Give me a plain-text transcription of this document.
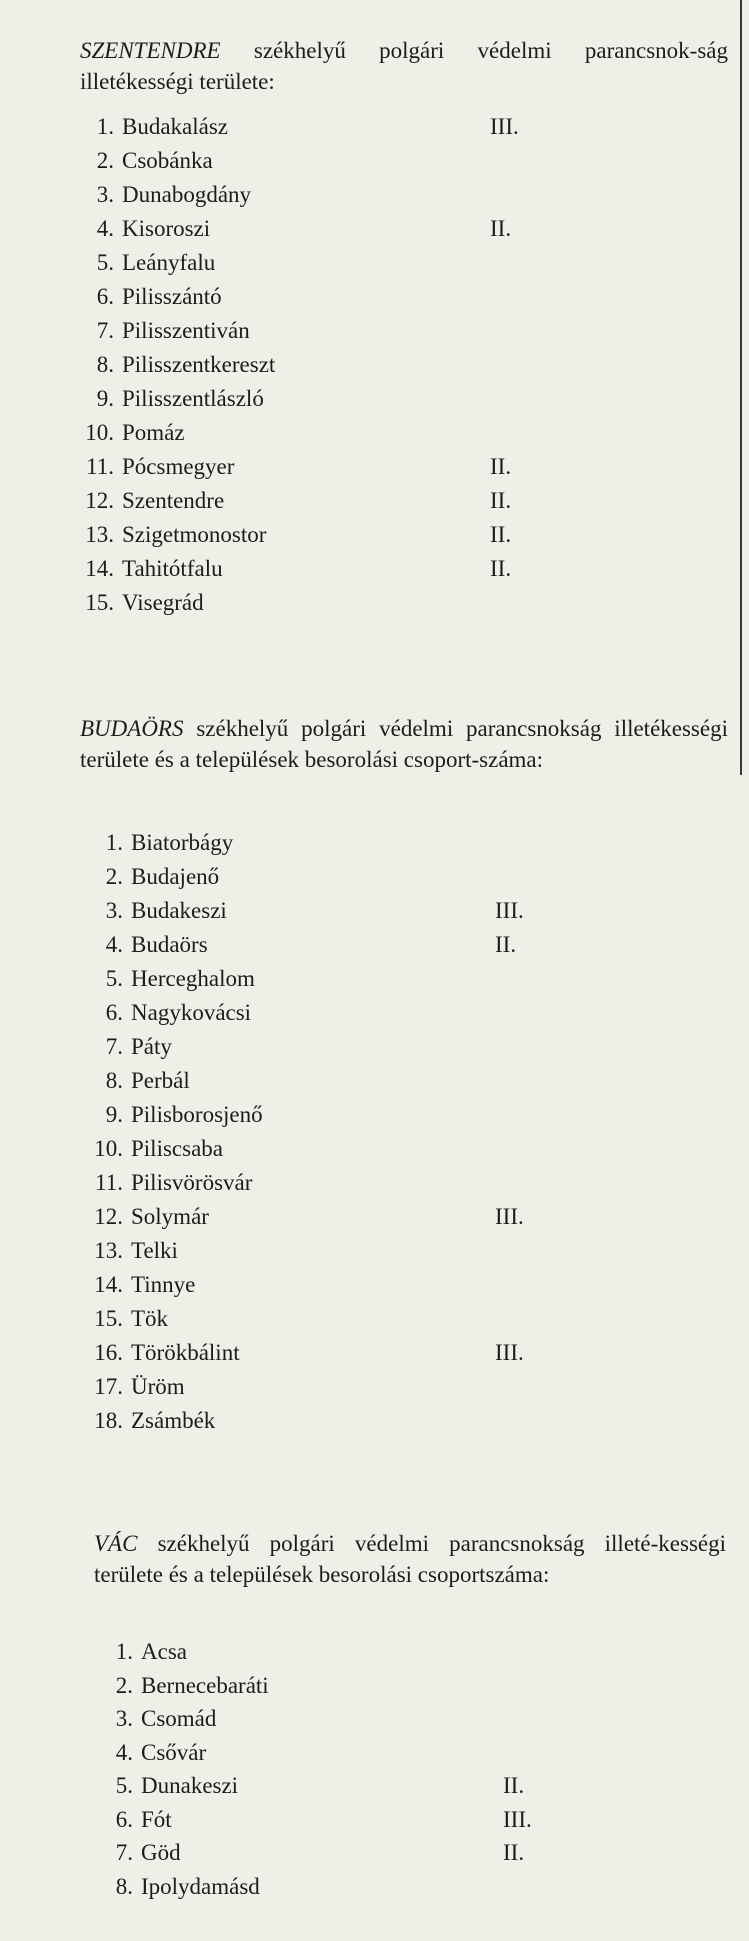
SZENTENDRE székhelyű polgári védelmi parancsnok-ság illetékességi területe:

1. Budakalász	III.
2. Csobánka
3. Dunabogdány
4. Kisoroszi	II.
5. Leányfalu
6. Pilisszántó
7. Pilisszentiván
8. Pilisszentkereszt
9. Pilisszentlászló
10. Pomáz
11. Pócsmegyer	II.
12. Szentendre	II.
13. Szigetmonostor	II.
14. Tahitótfalu	II.
15. Visegrád

BUDAÖRS székhelyű polgári védelmi parancsnokság illetékességi területe és a települések besorolási csoport-száma:

1. Biatorbágy
2. Budajenő
3. Budakeszi	III.
4. Budaörs	II.
5. Herceghalom
6. Nagykovácsi
7. Páty
8. Perbál
9. Pilisborosjenő
10. Piliscsaba
11. Pilisvörösvár
12. Solymár	III.
13. Telki
14. Tinnye
15. Tök
16. Törökbálint	III.
17. Üröm
18. Zsámbék

VÁC székhelyű polgári védelmi parancsnokság illeté-kességi területe és a települések besorolási csoportszáma:

1. Acsa
2. Bernecebaráti
3. Csomád
4. Csővár
5. Dunakeszi	II.
6. Fót	III.
7. Göd	II.
8. Ipolydamásd
